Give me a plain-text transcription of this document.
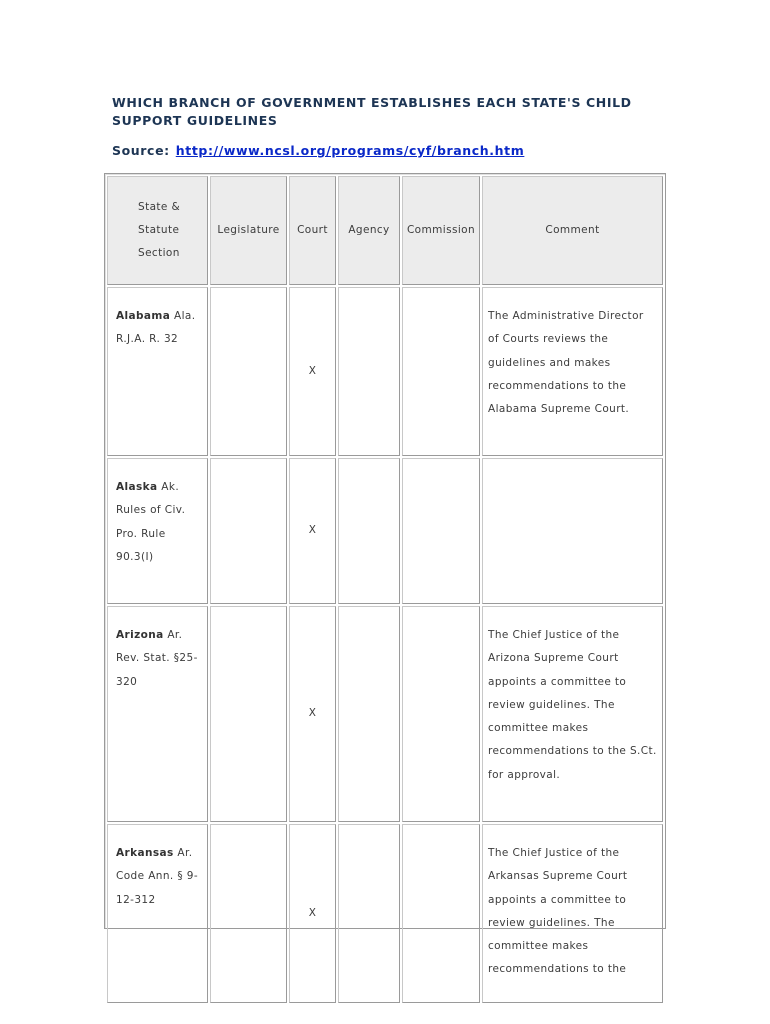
WHICH BRANCH OF GOVERNMENT ESTABLISHES EACH STATE'S CHILD
SUPPORT GUIDELINES
Source: http://www.ncsl.org/programs/cyf/branch.htm
State &
Statute
Section	Legislature	Court	Agency	Commission	Comment
Alabama Ala. R.J.A. R. 32		X			The Administrative Director of Courts reviews the guidelines and makes recommendations to the Alabama Supreme Court.
Alaska Ak. Rules of Civ. Pro. Rule 90.3(I)		X			
Arizona Ar. Rev. Stat. §25-320		X			The Chief Justice of the Arizona Supreme Court appoints a committee to review guidelines. The committee makes recommendations to the S.Ct. for approval.
Arkansas Ar. Code Ann. § 9-12-312		X			The Chief Justice of the Arkansas Supreme Court appoints a committee to review guidelines. The committee makes recommendations to the
